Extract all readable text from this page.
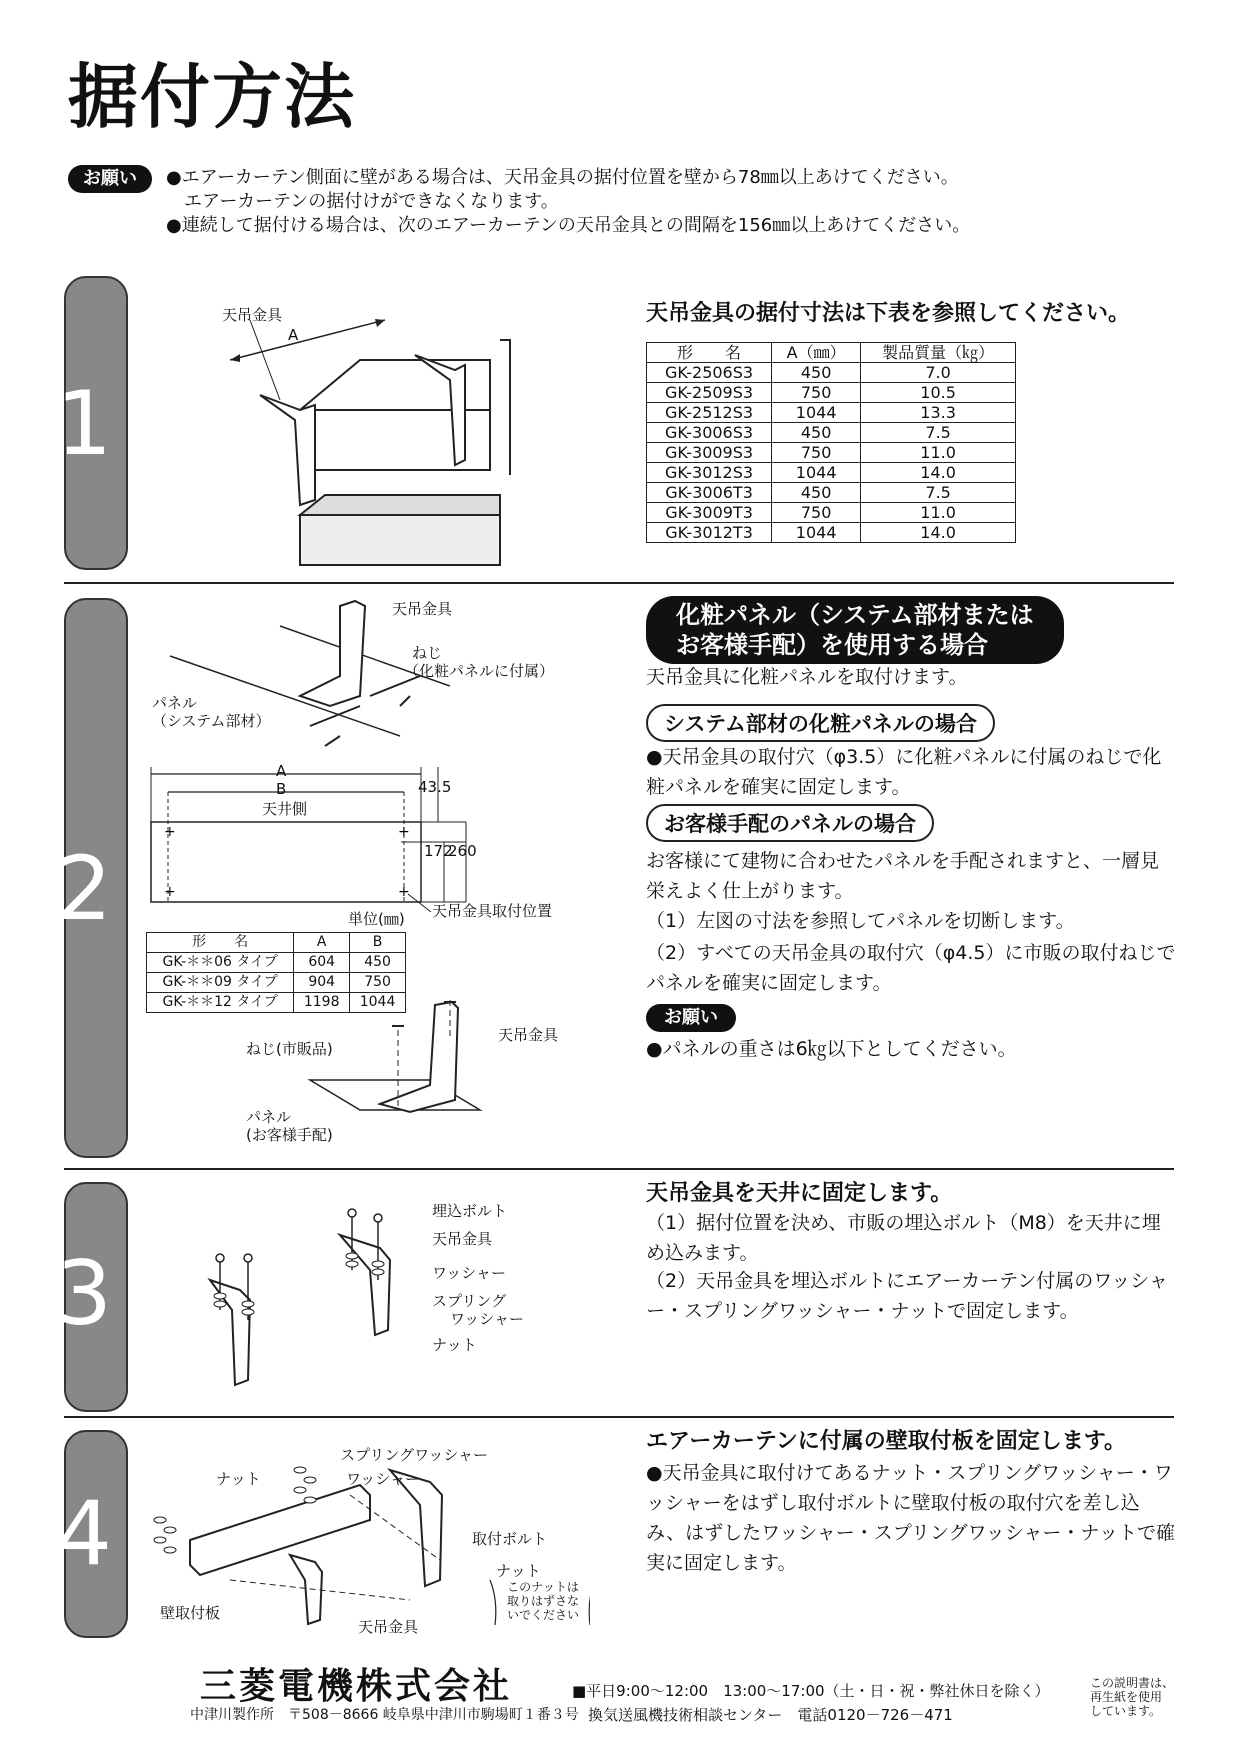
据付方法
お願い	●エアーカーテン側面に壁がある場合は、天吊金具の据付位置を壁から78㎜以上あけてください。
エアーカーテンの据付けができなくなります。
●連続して据付ける場合は、次のエアーカーテンの天吊金具との間隔を156㎜以上あけてください。
1
2
3
4
天吊金具
A
天吊金具の据付寸法は下表を参照してください。
形　　名	A（㎜）	製品質量（㎏）
GK-2506S3	450	7.0
GK-2509S3	750	10.5
GK-2512S3	1044	13.3
GK-3006S3	450	7.5
GK-3009S3	750	11.0
GK-3012S3	1044	14.0
GK-3006T3	450	7.5
GK-3009T3	750	11.0
GK-3012T3	1044	14.0
天吊金具
ねじ
（化粧パネルに付属）
パネル
（システム部材）
+	+
+	+
A
B
天井側
43.5
172
260
天吊金具取付位置
単位(㎜)
形　　名	A	B
GK-＊＊06 タイプ	604	450
GK-＊＊09 タイプ	904	750
GK-＊＊12 タイプ	1198	1044
ねじ(市販品)
天吊金具
パネル
(お客様手配)
化粧パネル（システム部材または
お客様手配）を使用する場合
天吊金具に化粧パネルを取付けます。
システム部材の化粧パネルの場合
●天吊金具の取付穴（φ3.5）に化粧パネルに付属のねじで化粧パネルを確実に固定します。
お客様手配のパネルの場合
お客様にて建物に合わせたパネルを手配されますと、一層見栄えよく仕上がります。
（1）左図の寸法を参照してパネルを切断します。
（2）すべての天吊金具の取付穴（φ4.5）に市販の取付ねじでパネルを確実に固定します。
お願い
●パネルの重さは6㎏以下としてください。
埋込ボルト
天吊金具
ワッシャー
スプリング
ワッシャー
ナット
天吊金具を天井に固定します。
（1）据付位置を決め、市販の埋込ボルト（M8）を天井に埋め込みます。
（2）天吊金具を埋込ボルトにエアーカーテン付属のワッシャー・スプリングワッシャー・ナットで固定します。
スプリングワッシャー
ナット	ワッシャー
取付ボルト
ナット
このナットは
取りはずさな
いでください
壁取付板
天吊金具
エアーカーテンに付属の壁取付板を固定します。
●天吊金具に取付けてあるナット・スプリングワッシャー・ワッシャーをはずし取付ボルトに壁取付板の取付穴を差し込み、はずしたワッシャー・スプリングワッシャー・ナットで確実に固定します。
三菱電機株式会社
中津川製作所　〒508－8666 岐阜県中津川市駒場町１番３号
■平日9:00～12:00　13:00～17:00（土・日・祝・弊社休日を除く）
換気送風機技術相談センター　電話0120－726－471
この説明書は、
再生紙を使用
しています。
